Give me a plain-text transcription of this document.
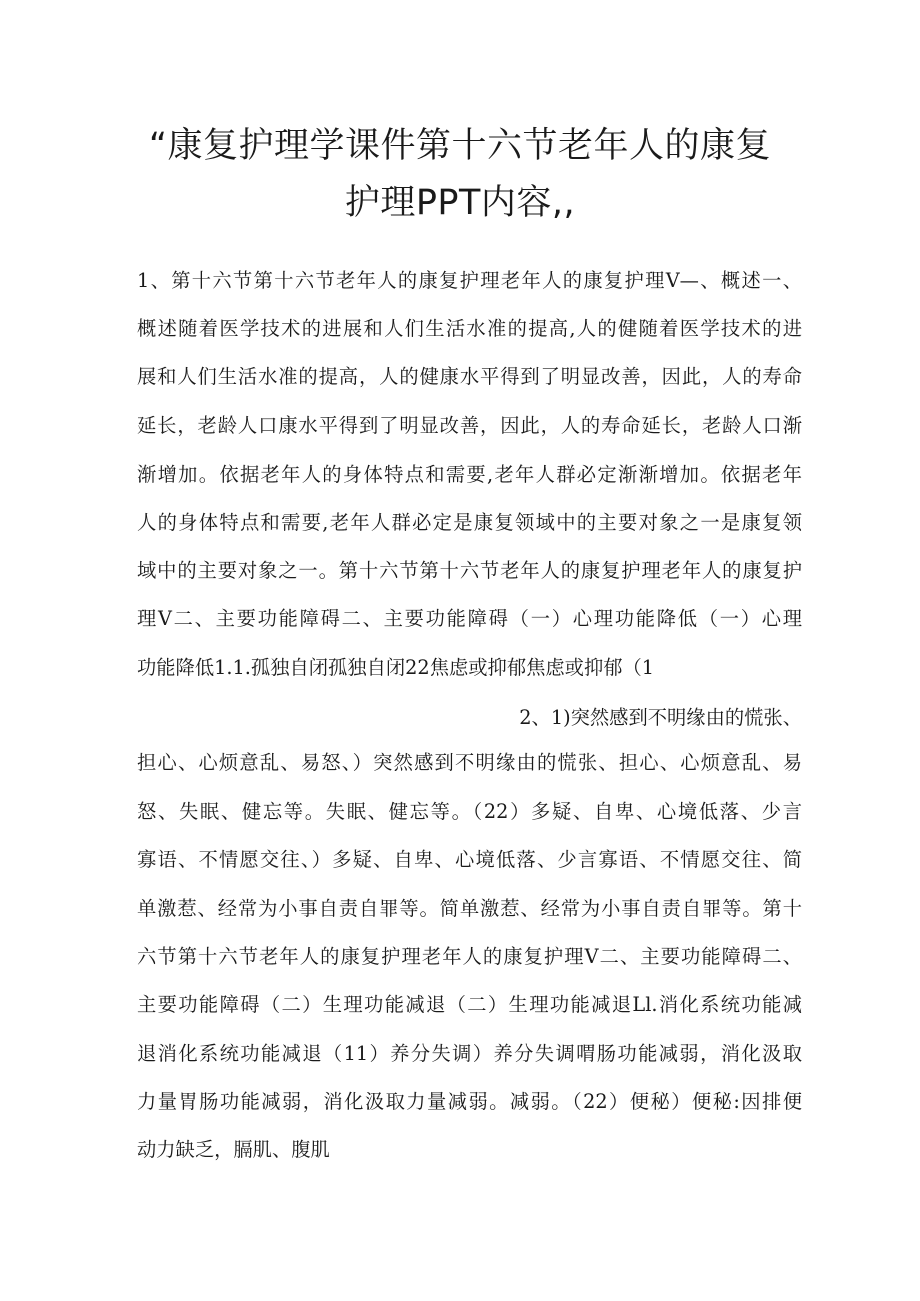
“康复护理学课件第十六节老年人的康复
护理PPT内容,,
1、第十六节第十六节老年人的康复护理老年人的康复护理V—、概述一、
概述随着医学技术的进展和人们生活水准的提高,人的健随着医学技术的进
展和人们生活水准的提高，人的健康水平得到了明显改善，因此，人的寿命
延长，老龄人口康水平得到了明显改善，因此，人的寿命延长，老龄人口渐
渐增加。依据老年人的身体特点和需要,老年人群必定渐渐增加。依据老年
人的身体特点和需要,老年人群必定是康复领域中的主要对象之一是康复领
域中的主要对象之一。第十六节第十六节老年人的康复护理老年人的康复护
理V二、主要功能障碍二、主要功能障碍（一）心理功能降低（一）心理
功能降低1.1.孤独自闭孤独自闭22焦虑或抑郁焦虑或抑郁（1
2、1)突然感到不明缘由的慌张、
担心、心烦意乱、易怒、）突然感到不明缘由的慌张、担心、心烦意乱、易
怒、失眠、健忘等。失眠、健忘等。（22）多疑、自卑、心境低落、少言
寡语、不情愿交往、）多疑、自卑、心境低落、少言寡语、不情愿交往、简
单激惹、经常为小事自责自罪等。简单激惹、经常为小事自责自罪等。第十
六节第十六节老年人的康复护理老年人的康复护理V二、主要功能障碍二、
主要功能障碍（二）生理功能减退（二）生理功能减退Ll.消化系统功能减
退消化系统功能减退（11）养分失调）养分失调喟肠功能减弱，消化汲取
力量胃肠功能减弱，消化汲取力量减弱。减弱。（22）便秘）便秘:因排便
动力缺乏，膈肌、腹肌
